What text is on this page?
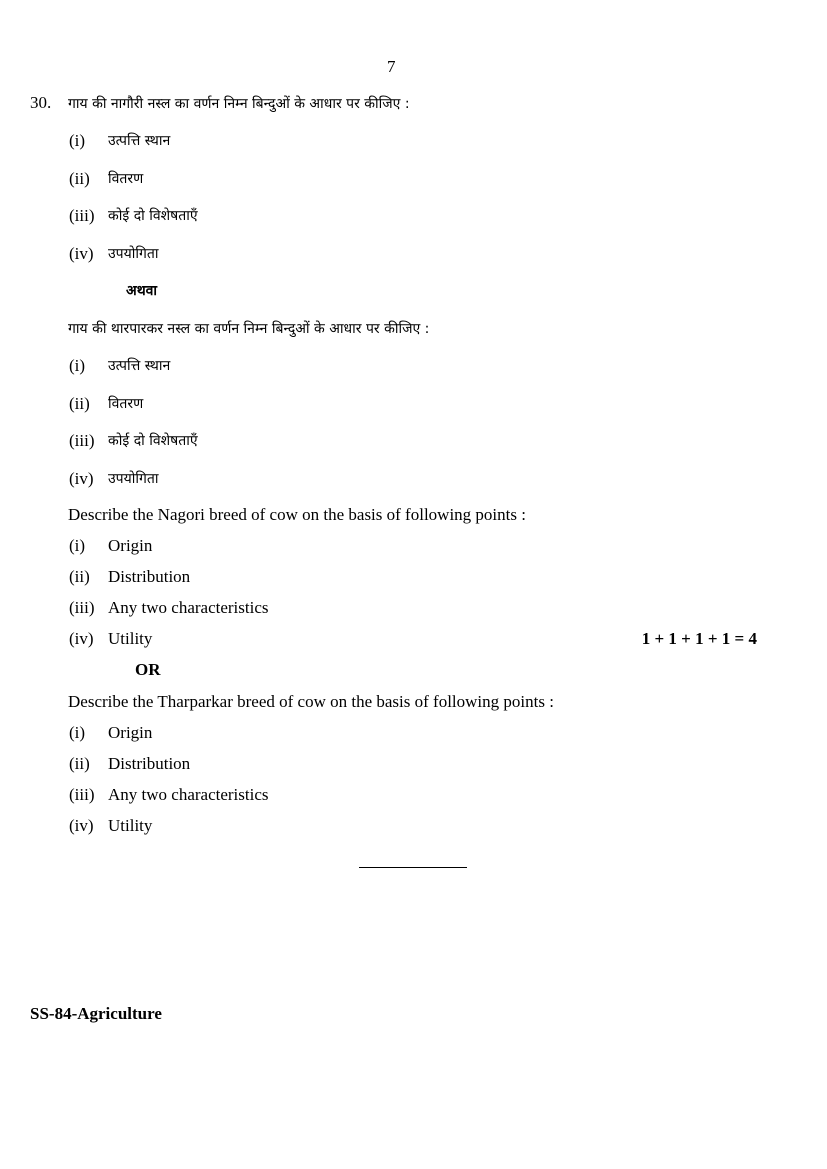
7
30. गाय की नागौरी नस्ल का वर्णन निम्न बिन्दुओं के आधार पर कीजिए :
(i) उत्पत्ति स्थान
(ii) वितरण
(iii) कोई दो विशेषताएँ
(iv) उपयोगिता
अथवा
गाय की थारपारकर नस्ल का वर्णन निम्न बिन्दुओं के आधार पर कीजिए :
(i) उत्पत्ति स्थान
(ii) वितरण
(iii) कोई दो विशेषताएँ
(iv) उपयोगिता
Describe the Nagori breed of cow on the basis of following points :
(i) Origin
(ii) Distribution
(iii) Any two characteristics
(iv) Utility	1 + 1 + 1 + 1 = 4
OR
Describe the Tharparkar breed of cow on the basis of following points :
(i) Origin
(ii) Distribution
(iii) Any two characteristics
(iv) Utility
SS-84-Agriculture
